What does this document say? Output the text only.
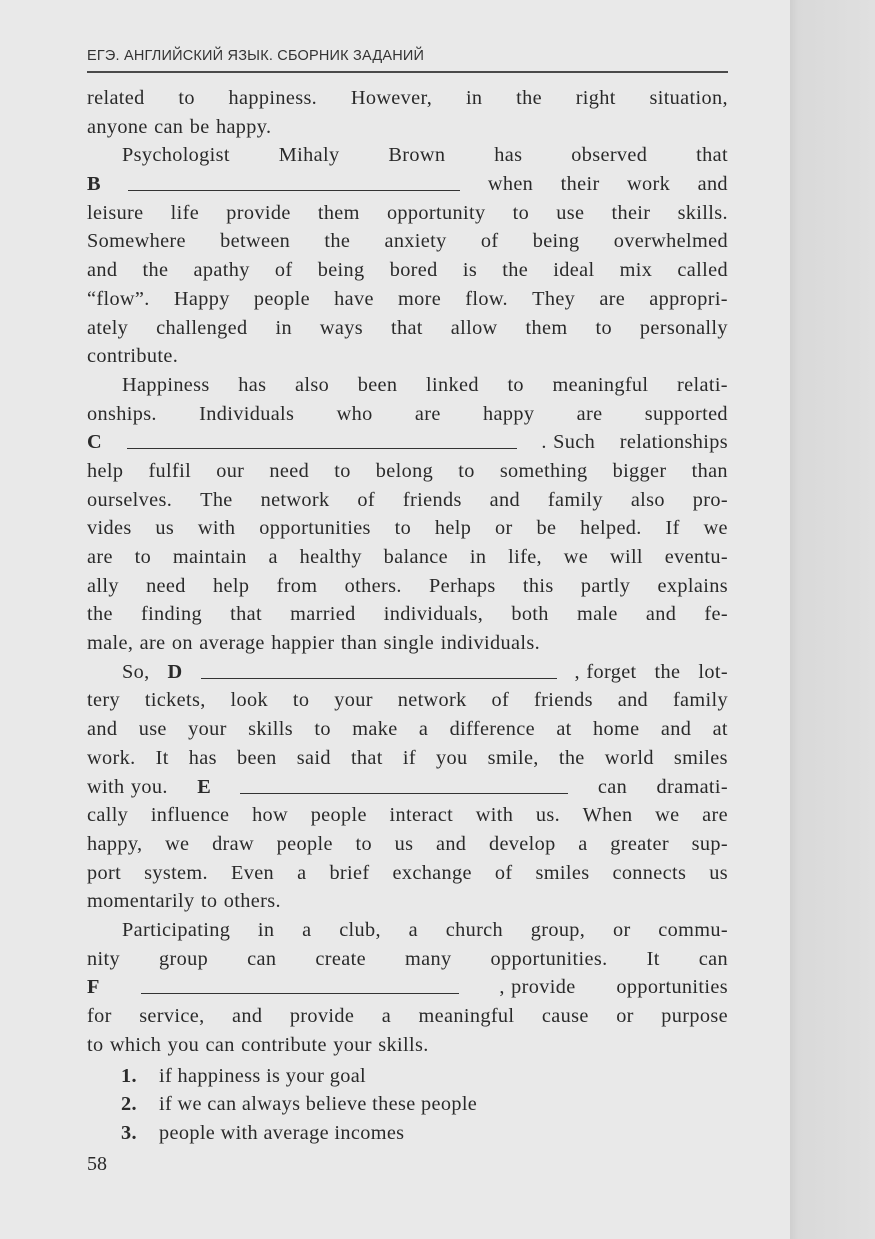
ЕГЭ. АНГЛИЙСКИЙ ЯЗЫК. СБОРНИК ЗАДАНИЙ
related to happiness. However, in the right situation,
anyone can be happy.
Psychologist Mihaly Brown has observed that
B	when their work and
leisure life provide them opportunity to use their skills.
Somewhere between the anxiety of being overwhelmed
and the apathy of being bored is the ideal mix called
“flow”. Happy people have more flow. They are appropri-
ately challenged in ways that allow them to personally
contribute.
Happiness has also been linked to meaningful relati-
onships. Individuals who are happy are supported
C	. Such relationships
help fulfil our need to belong to something bigger than
ourselves. The network of friends and family also pro-
vides us with opportunities to help or be helped. If we
are to maintain a healthy balance in life, we will eventu-
ally need help from others. Perhaps this partly explains
the finding that married individuals, both male and fe-
male, are on average happier than single individuals.
So, D	, forget the lot-
tery tickets, look to your network of friends and family
and use your skills to make a difference at home and at
work. It has been said that if you smile, the world smiles
with you. E	can dramati-
cally influence how people interact with us. When we are
happy, we draw people to us and develop a greater sup-
port system. Even a brief exchange of smiles connects us
momentarily to others.
Participating in a club, a church group, or commu-
nity group can create many opportunities. It can
F	, provide opportunities
for service, and provide a meaningful cause or purpose
to which you can contribute your skills.
1. if happiness is your goal
2. if we can always believe these people
3. people with average incomes
58
